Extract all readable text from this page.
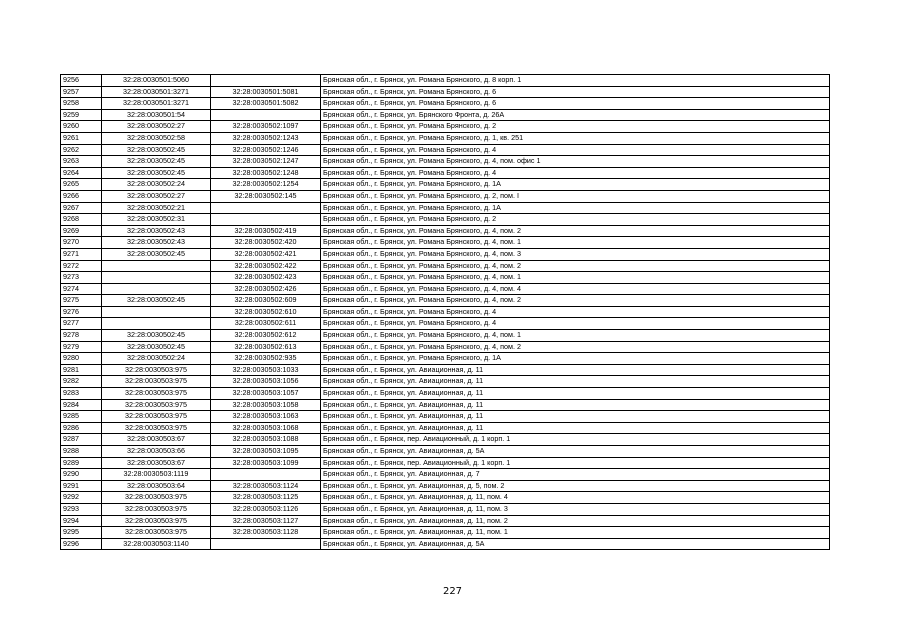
9256	32:28:0030501:5060		Брянская обл., г. Брянск, ул. Романа Брянского, д. 8 корп. 1
9257	32:28:0030501:3271	32:28:0030501:5081	Брянская обл., г. Брянск, ул. Романа Брянского, д. 6
9258	32:28:0030501:3271	32:28:0030501:5082	Брянская обл., г. Брянск, ул. Романа Брянского, д. 6
9259	32:28:0030501:54		Брянская обл., г. Брянск, ул. Брянского Фронта, д. 26А
9260	32:28:0030502:27	32:28:0030502:1097	Брянская обл., г. Брянск, ул. Романа Брянского, д. 2
9261	32:28:0030502:58	32:28:0030502:1243	Брянская обл., г. Брянск, ул. Романа Брянского, д. 1, кв. 251
9262	32:28:0030502:45	32:28:0030502:1246	Брянская обл., г. Брянск, ул. Романа Брянского, д. 4
9263	32:28:0030502:45	32:28:0030502:1247	Брянская обл., г. Брянск, ул. Романа Брянского, д. 4, пом. офис 1
9264	32:28:0030502:45	32:28:0030502:1248	Брянская обл., г. Брянск, ул. Романа Брянского, д. 4
9265	32:28:0030502:24	32:28:0030502:1254	Брянская обл., г. Брянск, ул. Романа Брянского, д. 1А
9266	32:28:0030502:27	32:28:0030502:145	Брянская обл., г. Брянск, ул. Романа Брянского, д. 2, пом. I
9267	32:28:0030502:21		Брянская обл., г. Брянск, ул. Романа Брянского, д. 1А
9268	32:28:0030502:31		Брянская обл., г. Брянск, ул. Романа Брянского, д. 2
9269	32:28:0030502:43	32:28:0030502:419	Брянская обл., г. Брянск, ул. Романа Брянского, д. 4, пом. 2
9270	32:28:0030502:43	32:28:0030502:420	Брянская обл., г. Брянск, ул. Романа Брянского, д. 4, пом. 1
9271	32:28:0030502:45	32:28:0030502:421	Брянская обл., г. Брянск, ул. Романа Брянского, д. 4, пом. 3
9272		32:28:0030502:422	Брянская обл., г. Брянск, ул. Романа Брянского, д. 4, пом. 2
9273		32:28:0030502:423	Брянская обл., г. Брянск, ул. Романа Брянского, д. 4, пом. 1
9274		32:28:0030502:426	Брянская обл., г. Брянск, ул. Романа Брянского, д. 4, пом. 4
9275	32:28:0030502:45	32:28:0030502:609	Брянская обл., г. Брянск, ул. Романа Брянского, д. 4, пом. 2
9276		32:28:0030502:610	Брянская обл., г. Брянск, ул. Романа Брянского, д. 4
9277		32:28:0030502:611	Брянская обл., г. Брянск, ул. Романа Брянского, д. 4
9278	32:28:0030502:45	32:28:0030502:612	Брянская обл., г. Брянск, ул. Романа Брянского, д. 4, пом. 1
9279	32:28:0030502:45	32:28:0030502:613	Брянская обл., г. Брянск, ул. Романа Брянского, д. 4, пом. 2
9280	32:28:0030502:24	32:28:0030502:935	Брянская обл., г. Брянск, ул. Романа Брянского, д. 1А
9281	32:28:0030503:975	32:28:0030503:1033	Брянская обл., г. Брянск, ул. Авиационная, д. 11
9282	32:28:0030503:975	32:28:0030503:1056	Брянская обл., г. Брянск, ул. Авиационная, д. 11
9283	32:28:0030503:975	32:28:0030503:1057	Брянская обл., г. Брянск, ул. Авиационная, д. 11
9284	32:28:0030503:975	32:28:0030503:1058	Брянская обл., г. Брянск, ул. Авиационная, д. 11
9285	32:28:0030503:975	32:28:0030503:1063	Брянская обл., г. Брянск, ул. Авиационная, д. 11
9286	32:28:0030503:975	32:28:0030503:1068	Брянская обл., г. Брянск, ул. Авиационная, д. 11
9287	32:28:0030503:67	32:28:0030503:1088	Брянская обл., г. Брянск, пер. Авиационный, д. 1 корп. 1
9288	32:28:0030503:66	32:28:0030503:1095	Брянская обл., г. Брянск, ул. Авиационная, д. 5А
9289	32:28:0030503:67	32:28:0030503:1099	Брянская обл., г. Брянск, пер. Авиационный, д. 1 корп. 1
9290	32:28:0030503:1119		Брянская обл., г. Брянск, ул. Авиационная, д. 7
9291	32:28:0030503:64	32:28:0030503:1124	Брянская обл., г. Брянск, ул. Авиационная, д. 5, пом. 2
9292	32:28:0030503:975	32:28:0030503:1125	Брянская обл., г. Брянск, ул. Авиационная, д. 11, пом. 4
9293	32:28:0030503:975	32:28:0030503:1126	Брянская обл., г. Брянск, ул. Авиационная, д. 11, пом. 3
9294	32:28:0030503:975	32:28:0030503:1127	Брянская обл., г. Брянск, ул. Авиационная, д. 11, пом. 2
9295	32:28:0030503:975	32:28:0030503:1128	Брянская обл., г. Брянск, ул. Авиационная, д. 11, пом. 1
9296	32:28:0030503:1140		Брянская обл., г. Брянск, ул. Авиационная, д. 5А
227
